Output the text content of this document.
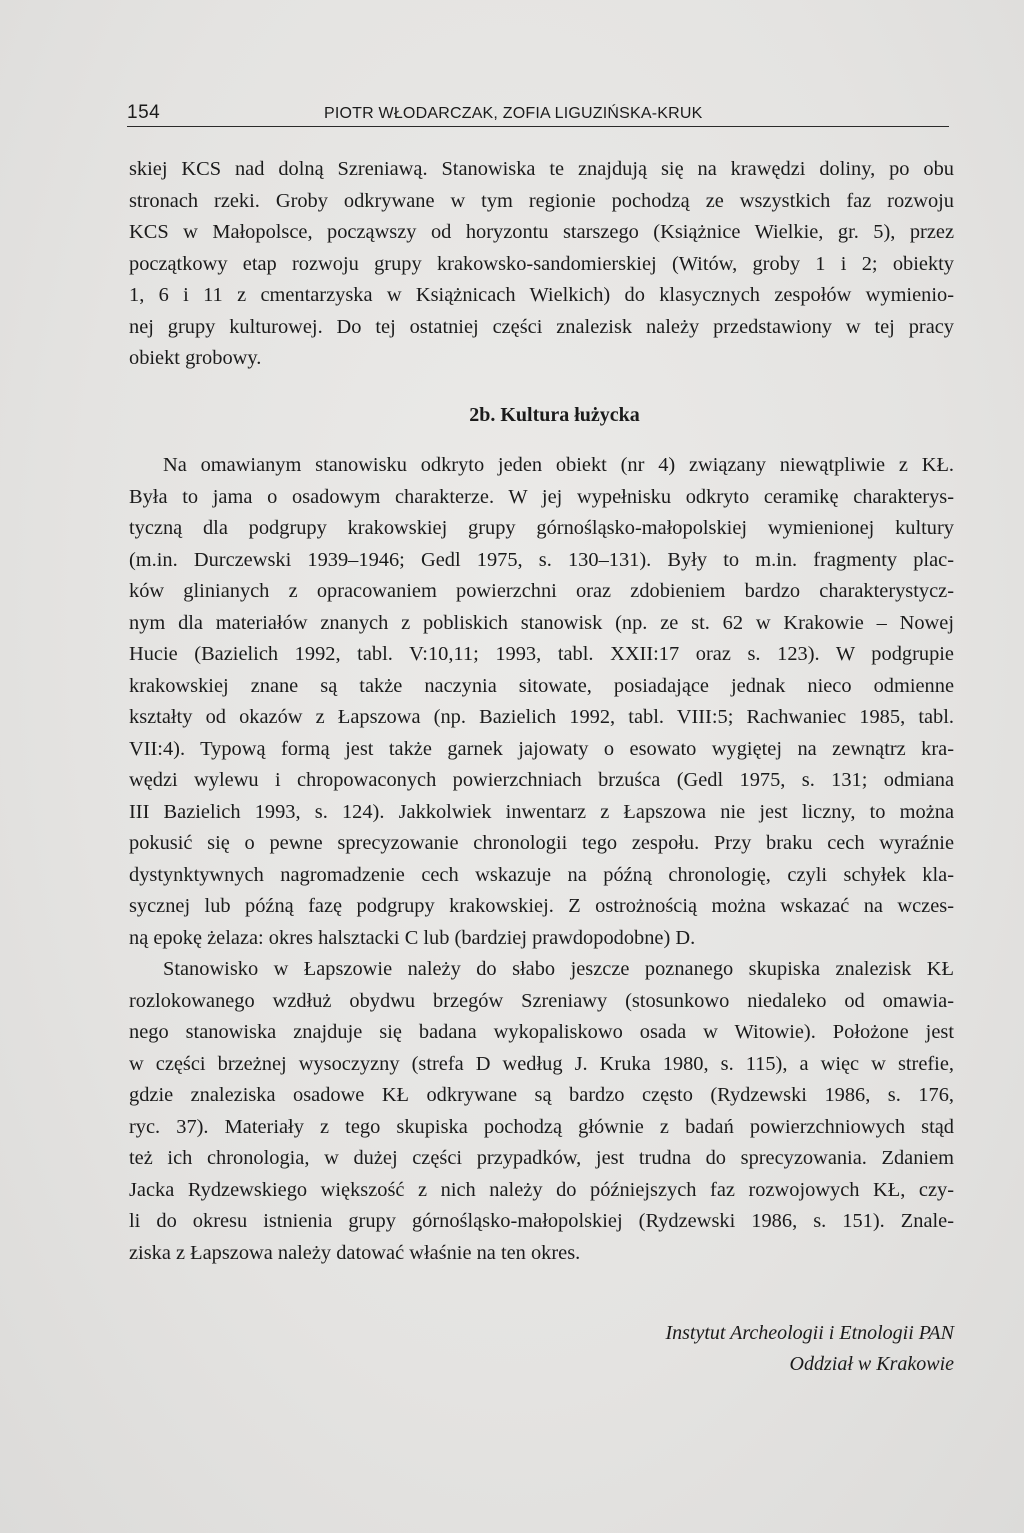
154	PIOTR WŁODARCZAK, ZOFIA LIGUZIŃSKA-KRUK
skiej KCS nad dolną Szreniawą. Stanowiska te znajdują się na krawędzi doliny, po obu
stronach rzeki. Groby odkrywane w tym regionie pochodzą ze wszystkich faz rozwoju
KCS w Małopolsce, począwszy od horyzontu starszego (Książnice Wielkie, gr. 5), przez
początkowy etap rozwoju grupy krakowsko-sandomierskiej (Witów, groby 1 i 2; obiekty
1, 6 i 11 z cmentarzyska w Książnicach Wielkich) do klasycznych zespołów wymienio-
nej grupy kulturowej. Do tej ostatniej części znalezisk należy przedstawiony w tej pracy
obiekt grobowy.
2b. Kultura łużycka
Na omawianym stanowisku odkryto jeden obiekt (nr 4) związany niewątpliwie z KŁ.
Była to jama o osadowym charakterze. W jej wypełnisku odkryto ceramikę charakterys-
tyczną dla podgrupy krakowskiej grupy górnośląsko-małopolskiej wymienionej kultury
(m.in. Durczewski 1939–1946; Gedl 1975, s. 130–131). Były to m.in. fragmenty plac-
ków glinianych z opracowaniem powierzchni oraz zdobieniem bardzo charakterystycz-
nym dla materiałów znanych z pobliskich stanowisk (np. ze st. 62 w Krakowie – Nowej
Hucie (Bazielich 1992, tabl. V:10,11; 1993, tabl. XXII:17 oraz s. 123). W podgrupie
krakowskiej znane są także naczynia sitowate, posiadające jednak nieco odmienne
kształty od okazów z Łapszowa (np. Bazielich 1992, tabl. VIII:5; Rachwaniec 1985, tabl.
VII:4). Typową formą jest także garnek jajowaty o esowato wygiętej na zewnątrz kra-
wędzi wylewu i chropowaconych powierzchniach brzuśca (Gedl 1975, s. 131; odmiana
III Bazielich 1993, s. 124). Jakkolwiek inwentarz z Łapszowa nie jest liczny, to można
pokusić się o pewne sprecyzowanie chronologii tego zespołu. Przy braku cech wyraźnie
dystynktywnych nagromadzenie cech wskazuje na późną chronologię, czyli schyłek kla-
sycznej lub późną fazę podgrupy krakowskiej. Z ostrożnością można wskazać na wczes-
ną epokę żelaza: okres halsztacki C lub (bardziej prawdopodobne) D.
Stanowisko w Łapszowie należy do słabo jeszcze poznanego skupiska znalezisk KŁ
rozlokowanego wzdłuż obydwu brzegów Szreniawy (stosunkowo niedaleko od omawia-
nego stanowiska znajduje się badana wykopaliskowo osada w Witowie). Położone jest
w części brzeżnej wysoczyzny (strefa D według J. Kruka 1980, s. 115), a więc w strefie,
gdzie znaleziska osadowe KŁ odkrywane są bardzo często (Rydzewski 1986, s. 176,
ryc. 37). Materiały z tego skupiska pochodzą głównie z badań powierzchniowych stąd
też ich chronologia, w dużej części przypadków, jest trudna do sprecyzowania. Zdaniem
Jacka Rydzewskiego większość z nich należy do późniejszych faz rozwojowych KŁ, czy-
li do okresu istnienia grupy górnośląsko-małopolskiej (Rydzewski 1986, s. 151). Znale-
ziska z Łapszowa należy datować właśnie na ten okres.
Instytut Archeologii i Etnologii PAN
Oddział w Krakowie
